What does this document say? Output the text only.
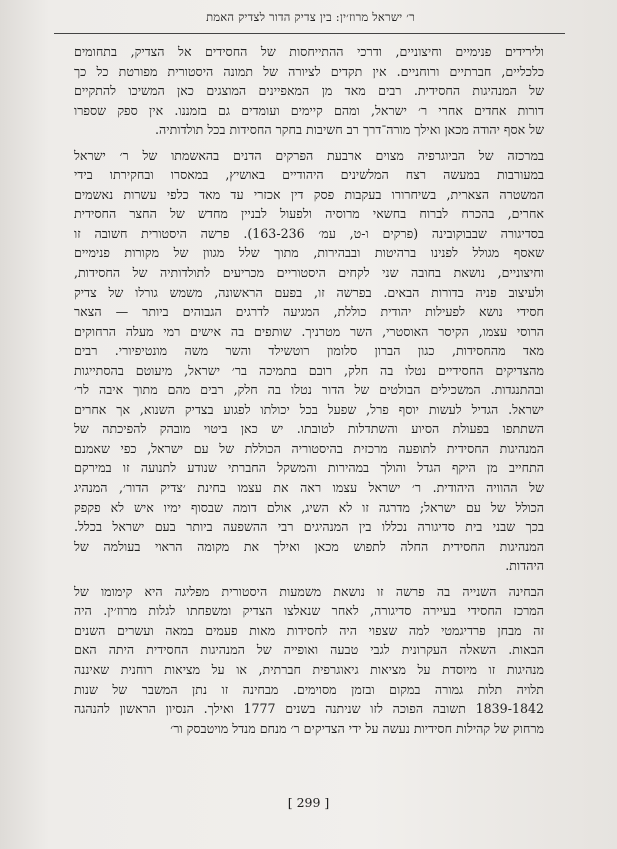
ר׳ ישראל מרוז׳ין: בין צדיק הדור לצדיק האמת
ולירידים פנימיים וחיצוניים, ודרכי ההתייחסות של החסידים אל הצדיק, בתחומים
כלכליים, חברתיים ורוחניים. אין תקדים לציורה של תמונה היסטורית מפורטת כל כך
של המנהיגות החסידית. רבים מאד מן המאפיינים המוצגים כאן המשיכו להתקיים
דורות אחדים אחרי ר׳ ישראל, ומהם קיימים ועומדים גם בזמננו. אין ספק שספרו
של אסף יהודה מכאן ואילך מורה־דרך רב חשיבות בחקר החסידות בכל תולדותיה.
במרכזה של הביוגרפיה מצוים ארבעת הפרקים הדנים בהאשמתו של ר׳ ישראל
במעורבות במעשה רצח המלשינים היהודיים באושיץ, במאסרו ובחקירתו בידי
המשטרה הצארית, בשיחרורו בעקבות פסק דין אכזרי עד מאד כלפי עשרות נאשמים
אחרים, בהכרח לברוח בחשאי מרוסיה ולפעול לבניין מחדש של החצר החסידית
בסדיגורה שבבוקובינה (פרקים ו-ט, עמ׳ 163-236). פרשה היסטורית חשובה זו
שאסף מגולל לפנינו ברהיטות ובבהירות, מתוך שלל מגוון של מקורות פנימיים
וחיצוניים, נושאת בחובה שני לקחים היסטוריים מכריעים לתולדותיה של החסידות,
ולעיצוב פניה בדורות הבאים. בפרשה זו, בפעם הראשונה, משמש גורלו של צדיק
חסידי נושא לפעילות יהודית כוללת, המגיעה לדרגים הגבוהים ביותר — הצאר
הרוסי עצמו, הקיסר האוסטרי, השר מטרניך. שותפים בה אישים רמי מעלה הרחוקים
מאד מהחסידות, כגון הברון סלומון רוטשילד והשר משה מונטיפיורי. רבים
מהצדיקים החסידיים נטלו בה חלק, רובם בתמיכה בר׳ ישראל, מיעוטם בהסתייגות
ובהתנגדות. המשכילים הבולטים של הדור נטלו בה חלק, רבים מהם מתוך איבה לר׳
ישראל. הגדיל לעשות יוסף פרל, שפעל בכל יכולתו לפגוע בצדיק השנוא, אך אחרים
השתתפו בפעולת הסיוע והשתדלות לטובתו. יש כאן ביטוי מובהק להפיכתה של
המנהיגות החסידית לתופעה מרכזית בהיסטוריה הכוללת של עם ישראל, כפי שאמנם
התחייב מן היקף הגדל והולך במהירות והמשקל החברתי שנודע לתנועה זו במירקם
של ההוויה היהודית. ר׳ ישראל עצמו ראה את עצמו בחינת ׳צדיק הדור׳, המנהיג
הכולל של עם ישראל; מדרגה זו לא השיג, אולם דומה שבסוף ימיו איש לא פקפק
בכך שבני בית סדיגורה נכללו בין המנהיגים רבי ההשפעה ביותר בעם ישראל בכלל.
המנהיגות החסידית החלה לתפוש מכאן ואילך את מקומה הראוי בעולמה של
היהדות.
הבחינה השנייה בה פרשה זו נושאת משמעות היסטורית מפליגה היא קימומו של
המרכז החסידי בעיירה סדיגורה, לאחר שנאלצו הצדיק ומשפחתו לגלות מרוז׳ין. היה
זה מבחן פרדיגמטי למה שצפוי היה לחסידות מאות פעמים במאה ועשרים השנים
הבאות. השאלה העקרונית לגבי טבעה ואופייה של המנהיגות החסידית היתה האם
מנהיגות זו מיוסדת על מציאות גיאוגרפית חברתית, או על מציאות רוחנית שאיננה
תלויה תלות גמורה במקום ובזמן מסוימים. מבחינה זו נתן המשבר של שנות
1839-1842 תשובה הפוכה לזו שניתנה בשנים 1777 ואילך. הנסיון הראשון להנהגה
מרחוק של קהילות חסידיות נעשה על ידי הצדיקים ר׳ מנחם מנדל מויטבסק ור׳
[ 299 ]
